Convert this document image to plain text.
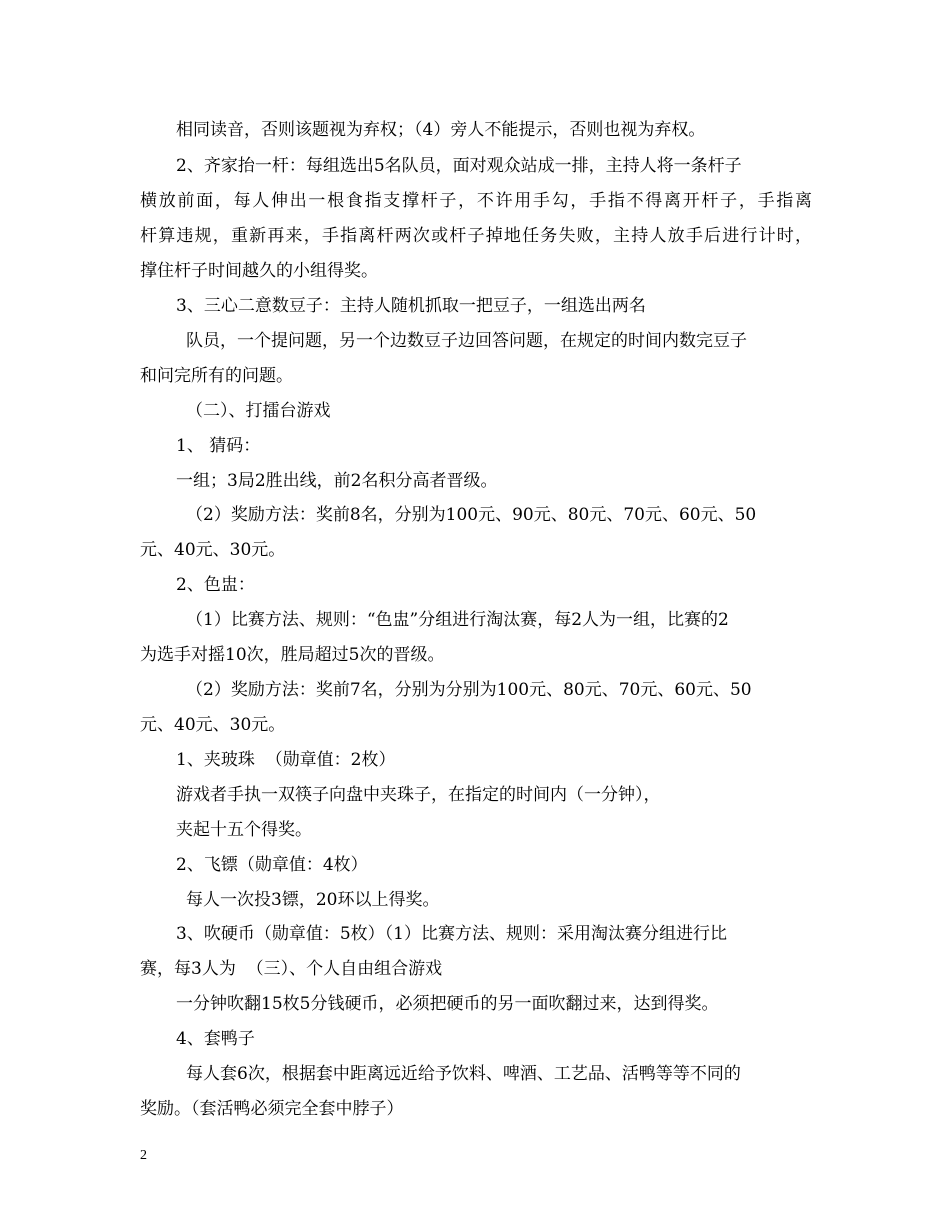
相同读音，否则该题视为弃权；（4）旁人不能提示，否则也视为弃权。
2、齐家抬一杆：每组选出5名队员，面对观众站成一排，主持人将一条杆子
横放前面，每人伸出一根食指支撑杆子，不许用手勾，手指不得离开杆子，手指离
杆算违规，重新再来，手指离杆两次或杆子掉地任务失败，主持人放手后进行计时，
撑住杆子时间越久的小组得奖。
3、三心二意数豆子：主持人随机抓取一把豆子，一组选出两名
队员，一个提问题，另一个边数豆子边回答问题，在规定的时间内数完豆子
和问完所有的问题。
（二）、打擂台游戏
1、 猜码：
一组；3局2胜出线，前2名积分高者晋级。
（2）奖励方法：奖前8名，分别为100元、90元、80元、70元、60元、50
元、40元、30元。
2、色盅：
（1）比赛方法、规则：“色盅”分组进行淘汰赛，每2人为一组，比赛的2
为选手对摇10次，胜局超过5次的晋级。
（2）奖励方法：奖前7名，分别为分别为100元、80元、70元、60元、50
元、40元、30元。
1、夹玻珠  （勋章值：2枚）
游戏者手执一双筷子向盘中夹珠子，在指定的时间内（一分钟），
夹起十五个得奖。
2、飞镖（勋章值：4枚）
每人一次投3镖，20环以上得奖。
3、吹硬币（勋章值：5枚）（1）比赛方法、规则：采用淘汰赛分组进行比
赛，每3人为  （三）、个人自由组合游戏
一分钟吹翻15枚5分钱硬币，必须把硬币的另一面吹翻过来，达到得奖。
4、套鸭子
每人套6次，根据套中距离远近给予饮料、啤酒、工艺品、活鸭等等不同的
奖励。（套活鸭必须完全套中脖子）
2
